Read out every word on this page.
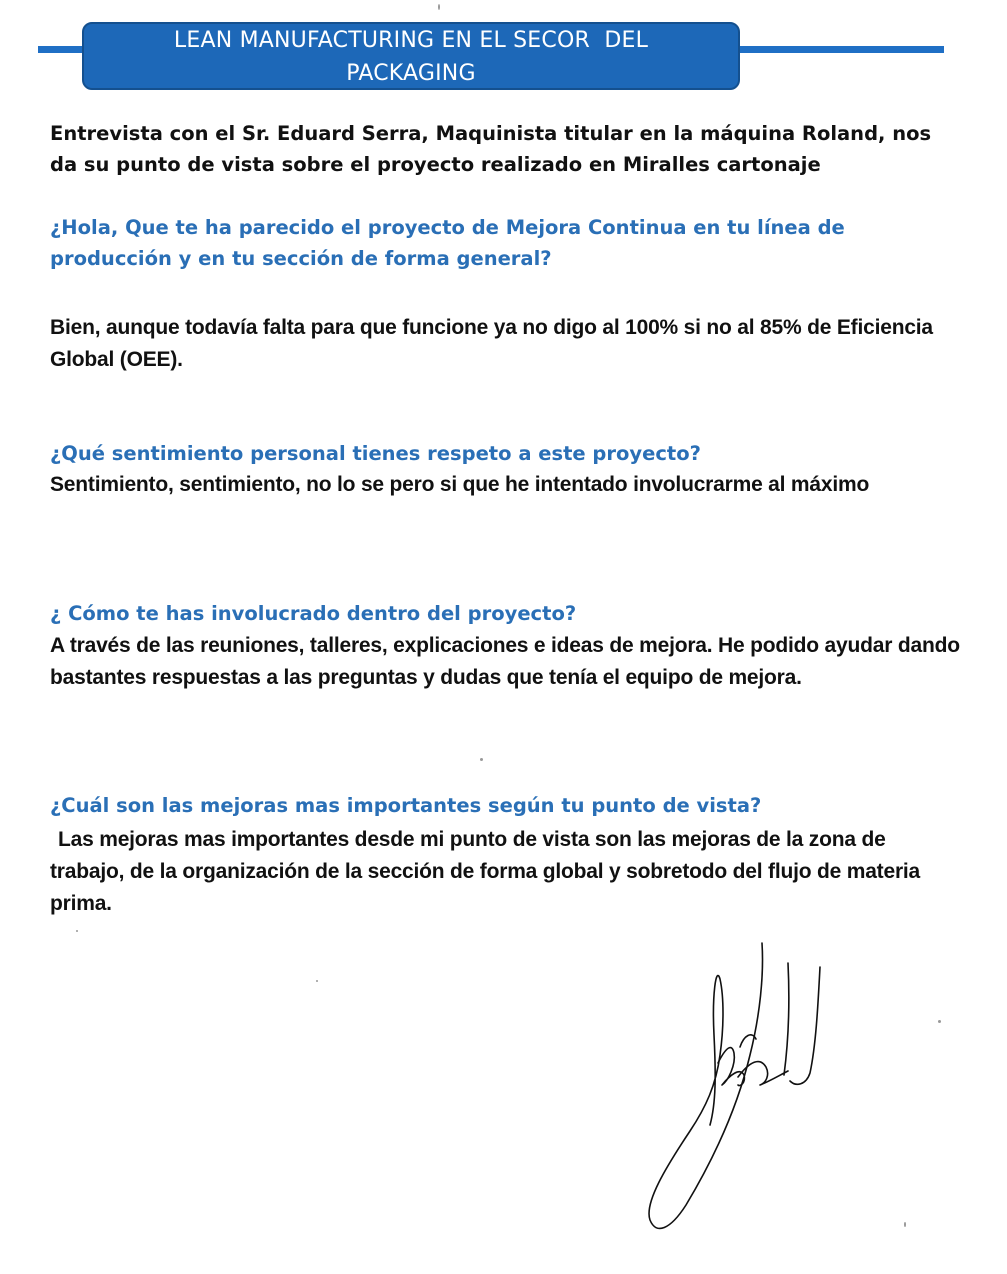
LEAN MANUFACTURING EN EL SECOR  DEL
PACKAGING
Entrevista con el Sr. Eduard Serra, Maquinista titular en la máquina Roland, nos da su punto de vista sobre el proyecto realizado en Miralles cartonaje
¿Hola, Que te ha parecido el proyecto de Mejora Continua en tu línea de producción y en tu sección de forma general?
Bien, aunque todavía falta para que funcione ya no digo al 100% si no al 85% de Eficiencia Global (OEE).
¿Qué sentimiento personal tienes respeto a este proyecto?
Sentimiento, sentimiento, no lo se pero si que he intentado involucrarme al máximo
¿ Cómo te has involucrado dentro del proyecto?
A través de las reuniones, talleres, explicaciones e ideas de mejora. He podido ayudar dando bastantes respuestas a las preguntas y dudas que tenía el equipo de mejora.
¿Cuál son las mejoras mas importantes según tu punto de vista?
Las mejoras mas importantes desde mi punto de vista son las mejoras de la zona de trabajo, de la organización de la sección de forma global y sobretodo del flujo de materia prima.
